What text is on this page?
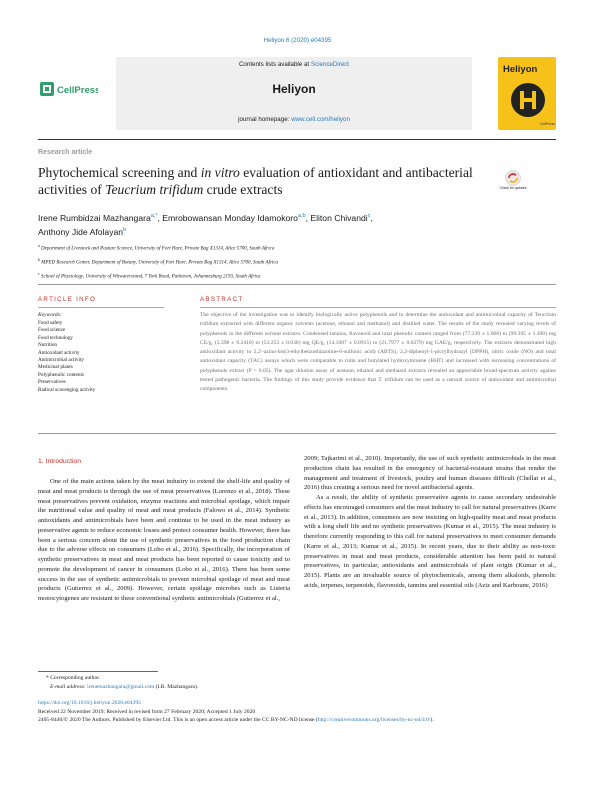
Heliyon 6 (2020) e04395
Contents lists available at ScienceDirect
Heliyon
journal homepage: www.cell.com/heliyon
CellPress
Heliyon
CellPress
Research article
Phytochemical screening and in vitro evaluation of antioxidant and antibacterial activities of Teucrium trifidum crude extracts	Check for updates
Irene Rumbidzai Mazhangara$^{a,*}$, Emrobowansan Monday Idamokoro$^{a,b}$, Eliton Chivandi$^c$,
Anthony Jide Afolayan$^b$
$^a$ Department of Livestock and Pasture Science, University of Fort Hare, Private Bag X1314, Alice 5700, South Africa
$^b$ MPED Research Center, Department of Botany, University of Fort Hare, Private Bag X1314, Alice 5700, South Africa
$^c$ School of Physiology, University of Witwatersrand, 7 York Road, Parktown, Johannesburg 2193, South Africa
ARTICLE INFO
Keywords:
Food safety
Food science
Food technology
Nutrition
Antioxidant activity
Antimicrobial activity
Medicinal plants
Polyphenolic contents
Preservatives
Radical scavenging activity
ABSTRACT
The objective of the investigation was to identify biologically active polyphenols and to determine the antioxidant and antimicrobial capacity of Teucrium trifidum extracted with different organic solvents (acetone, ethanol and methanol) and distilled water. The results of the study revealed varying levels of polyphenols in the different solvent extracts. Condensed tannins, flavonoid and total phenolic content ranged from (77.339 ± 1.068) to (99.395 ± 1.490) mg CE/g, (3.398 ± 0.2410) to (53.253 ± 0.638) mg QE/g, (14.1087 ± 0.0915) to (21.7977 ± 0.0279) mg GAE/g, respectively. The extracts demonstrated high antioxidant activity to 2,2′-azino-bis(3-ethylbenzothiazoline-6-sulfonic acid) (ABTS), 2,2-diphenyl-1-picrylhydrazyl (DPPH), nitric oxide (NO) and total antioxidant capacity (TAC) assays which were comparable to rutin and butylated hydroxytoluene (BHT) and increased with increasing concentrations of polyphenols extract (P < 0.05). The agar dilution assay of acetone, ethanol and methanol extracts revealed an appreciable broad-spectrum activity against tested pathogenic bacteria. The findings of this study provide evidence that T. trifidum can be used as a natural source of antioxidant and antimicrobial components.
1. Introduction

One of the main actions taken by the meat industry to extend the shelf-life and quality of meat and meat products is through the use of meat preservatives (Lorenzo et al., 2018). These meat preservatives prevent oxidation, enzyme reactions and microbial spoilage, which impair the nutritional value and quality of meat and meat products (Falowo et al., 2014). Synthetic antioxidants and antimicrobials have been and continue to be used in the meat industry as preservative agents to reduce economic losses and protect consumer health. However, there has been a serious concern about the use of synthetic preservatives in the food production chain due to the adverse effects on consumers (Lobo et al., 2016). Specifically, the incorporation of synthetic preservatives in meat and meat products has been reported to cause toxicity and to promote the development of cancer in consumers (Lobo et al., 2016). There has been some success in the use of synthetic antimicrobials to prevent microbial spoilage of meat and meat products (Gutierrez et al., 2009). However, certain spoilage microbes such as Listeria monocytogenes are resistant to these conventional synthetic antimicrobials (Gutierrez et al.,

2009; Tajkarimi et al., 2010). Importantly, the use of such synthetic antimicrobials in the meat production chain has resulted in the emergency of bacterial-resistant strains that render the management and treatment of livestock, poultry and human diseases difficult (Chellat et al., 2016) thus creating a serious need for novel antibacterial agents.

As a result, the ability of synthetic preservative agents to cause secondary undesirable effects has encouraged consumers and the meat industry to call for natural preservatives (Karre et al., 2013). In addition, consumers are now insisting on high-quality meat and meat products with a long shelf life and no synthetic preservatives (Kumar et al., 2015). The meat industry is therefore currently responding to this call for natural preservatives to meet consumer demands (Karre et al., 2013; Kumar et al., 2015). In recent years, due to their ability as non-toxic preservatives in meat and meat products, considerable attention has been paid to natural preservatives, in particular, antioxidants and antimicrobials of plant origin (Kumar et al., 2015). Plants are an invaluable source of phytochemicals, among them alkaloids, phenolic acids, terpenes, terpenoids, flavonoids, tannins and essential oils (Aziz and Karboune, 2016)

* Corresponding author.
E-mail address: irenemazhangara@gmail.com (I.R. Mazhangara).
https://doi.org/10.1016/j.heliyon.2020.e04395
Received 22 November 2019; Received in revised form 27 February 2020; Accepted 1 July 2020
2405-8440/© 2020 The Authors. Published by Elsevier Ltd. This is an open access article under the CC BY-NC-ND license (http://creativecommons.org/licenses/by-nc-nd/4.0/).
